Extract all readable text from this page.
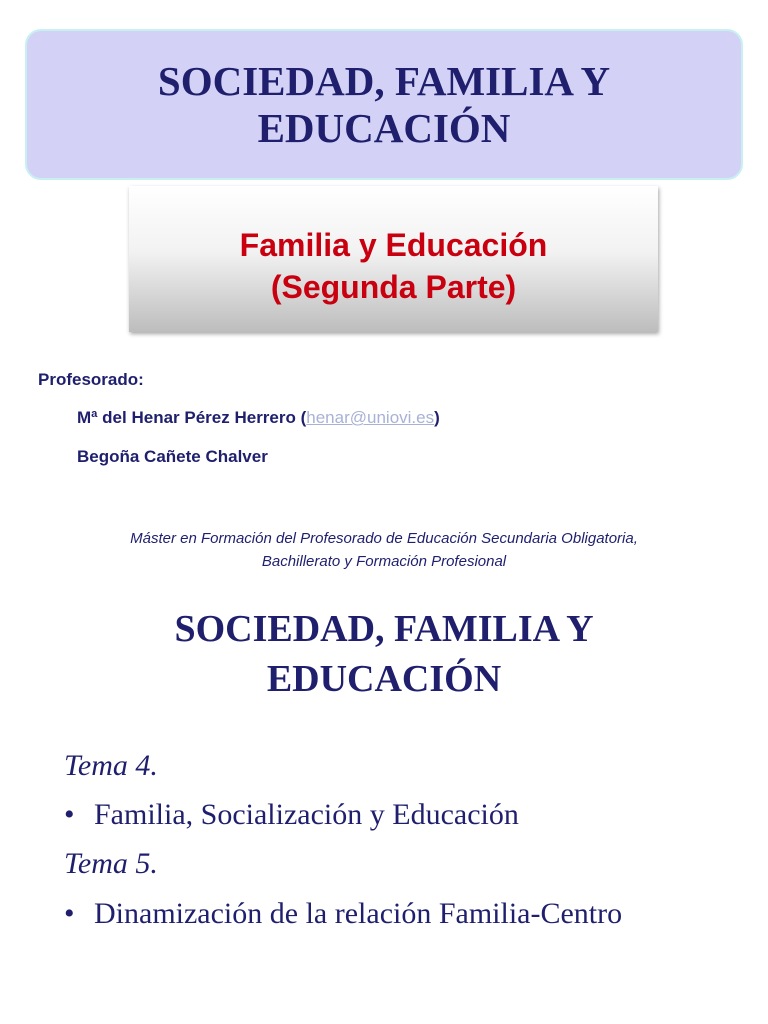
SOCIEDAD, FAMILIA Y
EDUCACIÓN
Familia y Educación
(Segunda Parte)
Profesorado:
Mª del Henar Pérez Herrero (henar@uniovi.es)
Begoña Cañete Chalver
Máster en Formación del Profesorado de Educación Secundaria Obligatoria,
Bachillerato y Formación Profesional
SOCIEDAD, FAMILIA Y
EDUCACIÓN
Tema 4.
• Familia, Socialización y Educación
Tema 5.
• Dinamización de la relación Familia-Centro
